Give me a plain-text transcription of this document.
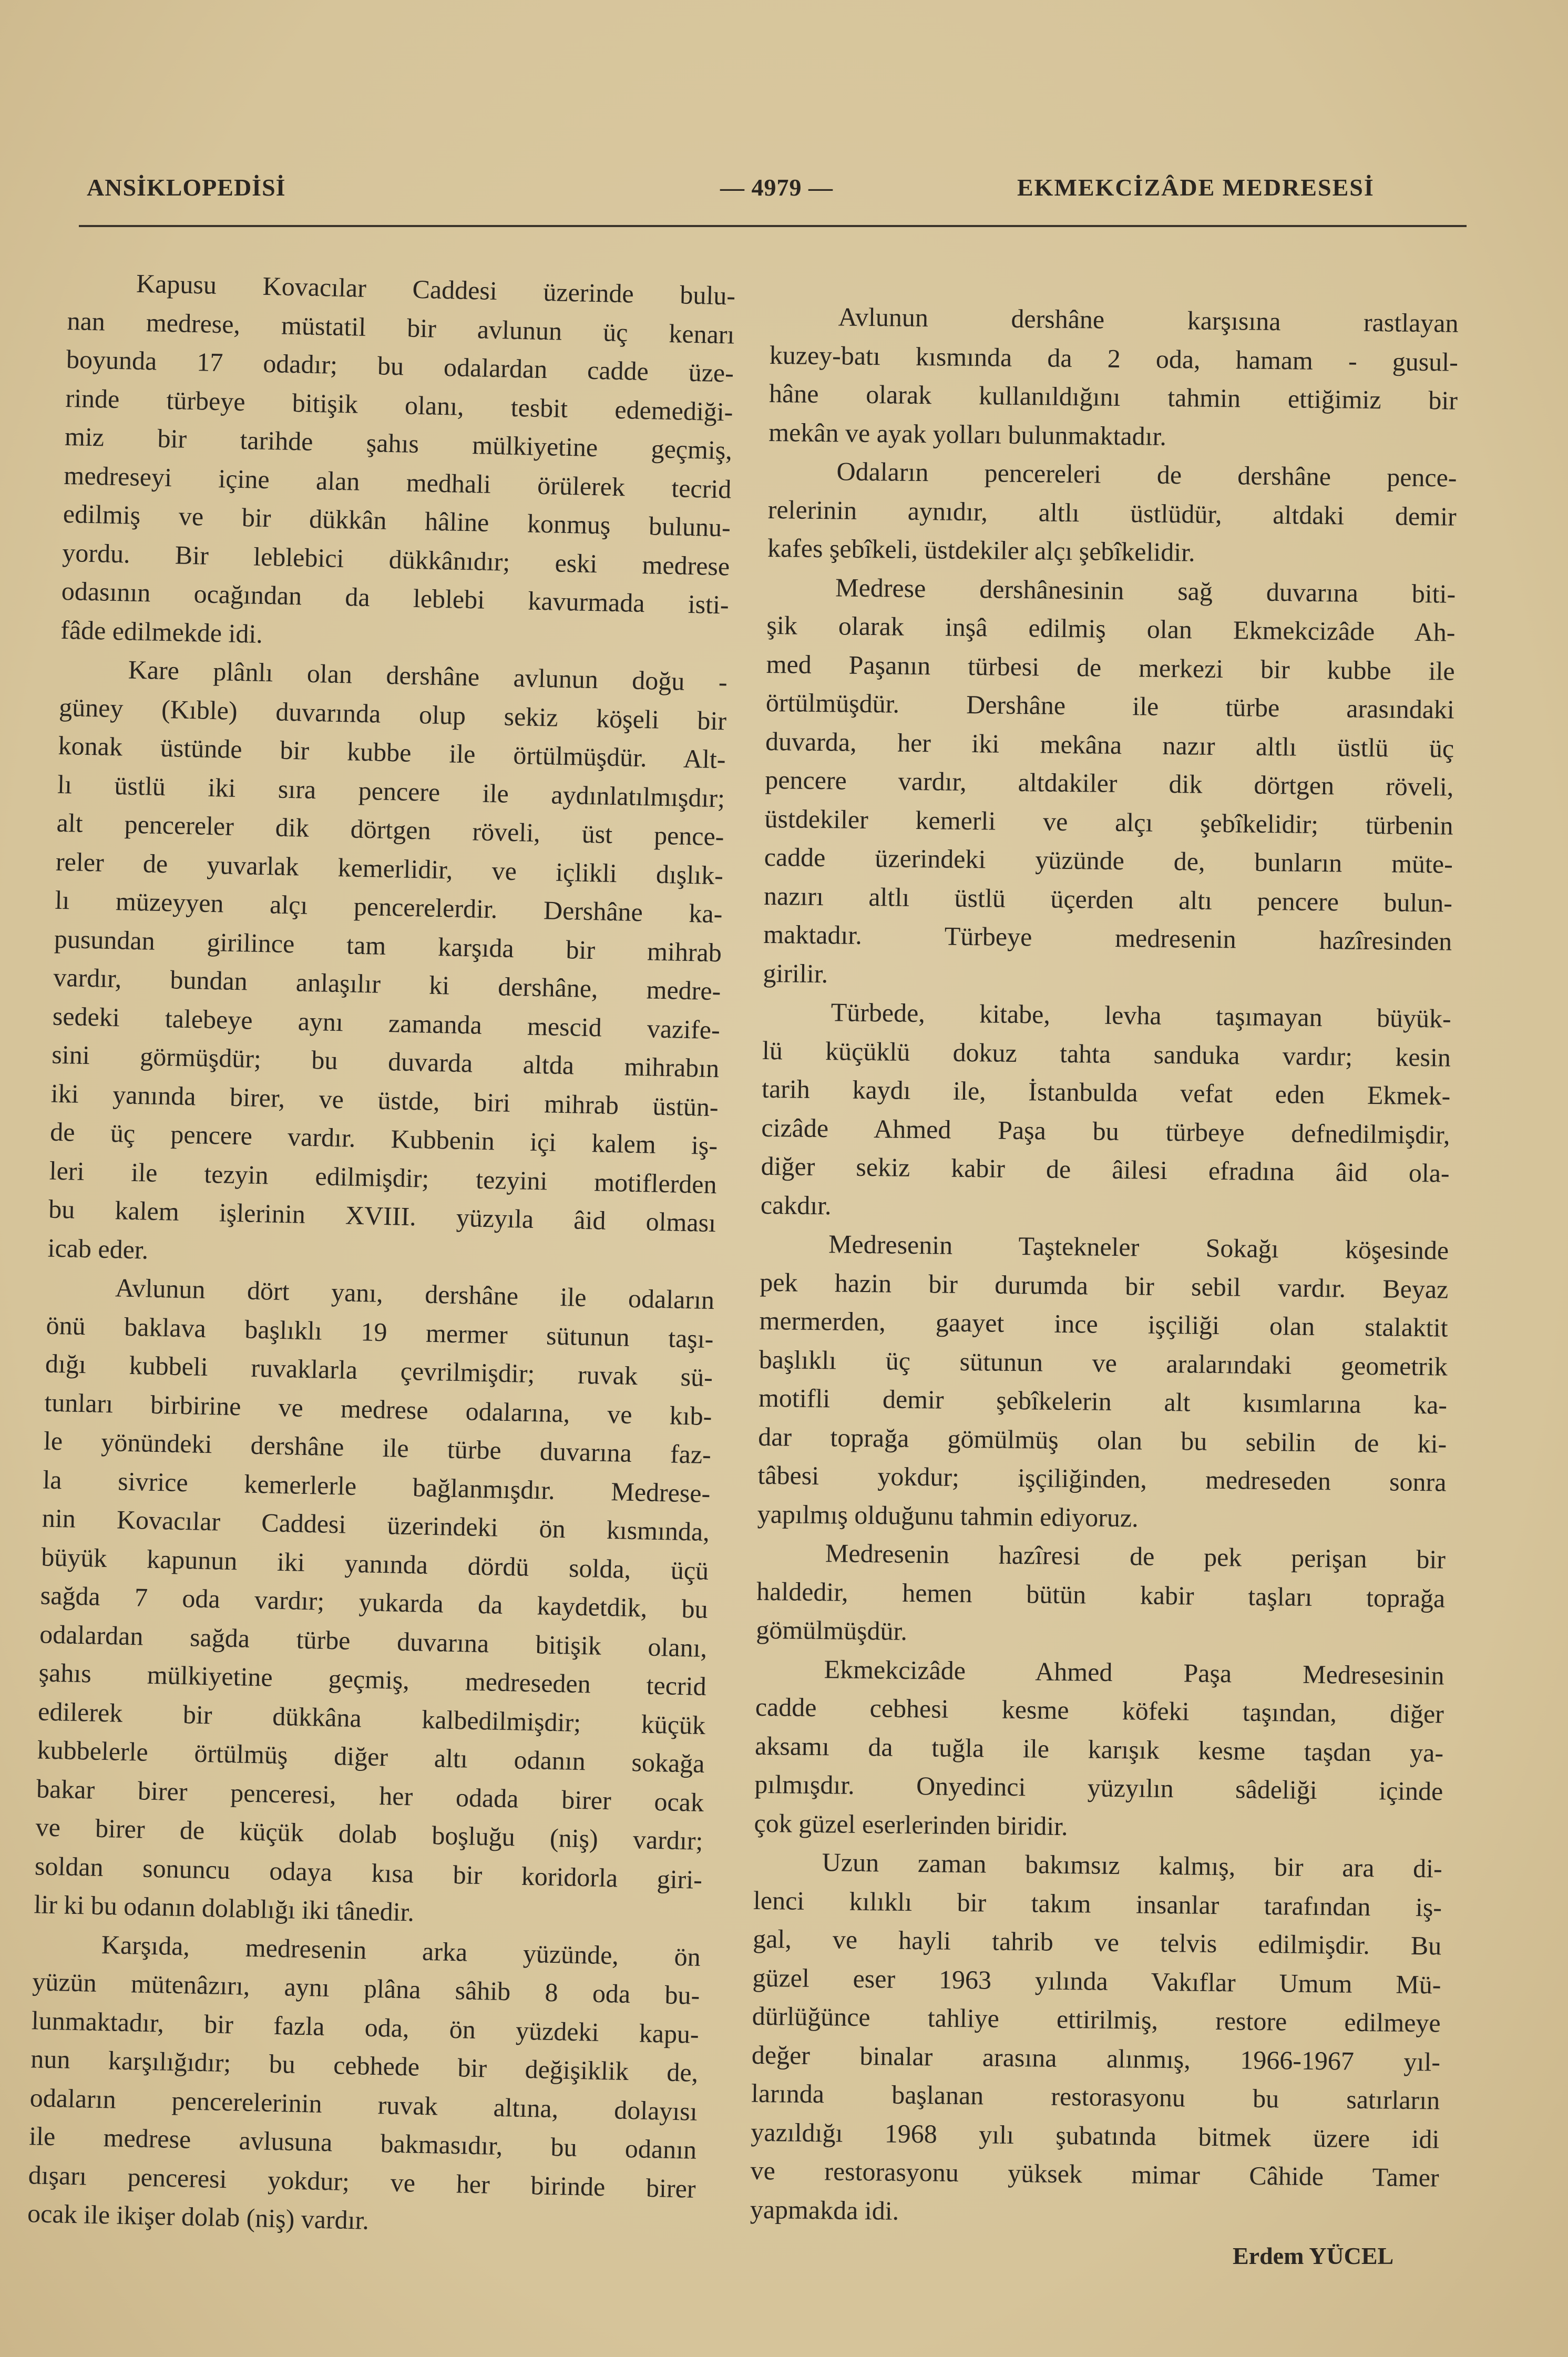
ANSİKLOPEDİSİ	— 4979 —	EKMEKCİZÂDE MEDRESESİ
Kapusu Kovacılar Caddesi üzerinde bulu-
nan medrese, müstatil bir avlunun üç kenarı
boyunda 17 odadır; bu odalardan cadde üze-
rinde türbeye bitişik olanı, tesbit edemediği-
miz bir tarihde şahıs mülkiyetine geçmiş,
medreseyi içine alan medhali örülerek tecrid
edilmiş ve bir dükkân hâline konmuş bulunu-
yordu. Bir leblebici dükkânıdır; eski medrese
odasının ocağından da leblebi kavurmada isti-
fâde edilmekde idi.
Kare plânlı olan dershâne avlunun doğu -
güney (Kıble) duvarında olup sekiz köşeli bir
konak üstünde bir kubbe ile örtülmüşdür. Alt-
lı üstlü iki sıra pencere ile aydınlatılmışdır;
alt pencereler dik dörtgen röveli, üst pence-
reler de yuvarlak kemerlidir, ve içlikli dışlık-
lı müzeyyen alçı pencerelerdir. Dershâne ka-
pusundan girilince tam karşıda bir mihrab
vardır, bundan anlaşılır ki dershâne, medre-
sedeki talebeye aynı zamanda mescid vazife-
sini görmüşdür; bu duvarda altda mihrabın
iki yanında birer, ve üstde, biri mihrab üstün-
de üç pencere vardır. Kubbenin içi kalem iş-
leri ile tezyin edilmişdir; tezyini motiflerden
bu kalem işlerinin XVIII. yüzyıla âid olması
icab eder.
Avlunun dört yanı, dershâne ile odaların
önü baklava başlıklı 19 mermer sütunun taşı-
dığı kubbeli ruvaklarla çevrilmişdir; ruvak sü-
tunları birbirine ve medrese odalarına, ve kıb-
le yönündeki dershâne ile türbe duvarına faz-
la sivrice kemerlerle bağlanmışdır. Medrese-
nin Kovacılar Caddesi üzerindeki ön kısmında,
büyük kapunun iki yanında dördü solda, üçü
sağda 7 oda vardır; yukarda da kaydetdik, bu
odalardan sağda türbe duvarına bitişik olanı,
şahıs mülkiyetine geçmiş, medreseden tecrid
edilerek bir dükkâna kalbedilmişdir; küçük
kubbelerle örtülmüş diğer altı odanın sokağa
bakar birer penceresi, her odada birer ocak
ve birer de küçük dolab boşluğu (niş) vardır;
soldan sonuncu odaya kısa bir koridorla giri-
lir ki bu odanın dolablığı iki tânedir.
Karşıda, medresenin arka yüzünde, ön
yüzün mütenâzırı, aynı plâna sâhib 8 oda bu-
lunmaktadır, bir fazla oda, ön yüzdeki kapu-
nun karşılığıdır; bu cebhede bir değişiklik de,
odaların pencerelerinin ruvak altına, dolayısı
ile medrese avlusuna bakmasıdır, bu odanın
dışarı penceresi yokdur; ve her birinde birer
ocak ile ikişer dolab (niş) vardır.
Avlunun dershâne karşısına rastlayan
kuzey-batı kısmında da 2 oda, hamam - gusul-
hâne olarak kullanıldığını tahmin ettiğimiz bir
mekân ve ayak yolları bulunmaktadır.
Odaların pencereleri de dershâne pence-
relerinin aynıdır, altlı üstlüdür, altdaki demir
kafes şebîkeli, üstdekiler alçı şebîkelidir.
Medrese dershânesinin sağ duvarına biti-
şik olarak inşâ edilmiş olan Ekmekcizâde Ah-
med Paşanın türbesi de merkezi bir kubbe ile
örtülmüşdür. Dershâne ile türbe arasındaki
duvarda, her iki mekâna nazır altlı üstlü üç
pencere vardır, altdakiler dik dörtgen röveli,
üstdekiler kemerli ve alçı şebîkelidir; türbenin
cadde üzerindeki yüzünde de, bunların müte-
nazırı altlı üstlü üçerden altı pencere bulun-
maktadır. Türbeye medresenin hazîresinden
girilir.
Türbede, kitabe, levha taşımayan büyük-
lü küçüklü dokuz tahta sanduka vardır; kesin
tarih kaydı ile, İstanbulda vefat eden Ekmek-
cizâde Ahmed Paşa bu türbeye defnedilmişdir,
diğer sekiz kabir de âilesi efradına âid ola-
cakdır.
Medresenin Taştekneler Sokağı köşesinde
pek hazin bir durumda bir sebil vardır. Beyaz
mermerden, gaayet ince işçiliği olan stalaktit
başlıklı üç sütunun ve aralarındaki geometrik
motifli demir şebîkelerin alt kısımlarına ka-
dar toprağa gömülmüş olan bu sebilin de ki-
tâbesi yokdur; işçiliğinden, medreseden sonra
yapılmış olduğunu tahmin ediyoruz.
Medresenin hazîresi de pek perişan bir
haldedir, hemen bütün kabir taşları toprağa
gömülmüşdür.
Ekmekcizâde Ahmed Paşa Medresesinin
cadde cebhesi kesme köfeki taşından, diğer
aksamı da tuğla ile karışık kesme taşdan ya-
pılmışdır. Onyedinci yüzyılın sâdeliği içinde
çok güzel eserlerinden biridir.
Uzun zaman bakımsız kalmış, bir ara di-
lenci kılıklı bir takım insanlar tarafından iş-
gal, ve hayli tahrib ve telvis edilmişdir. Bu
güzel eser 1963 yılında Vakıflar Umum Mü-
dürlüğünce tahliye ettirilmiş, restore edilmeye
değer binalar arasına alınmış, 1966-1967 yıl-
larında başlanan restorasyonu bu satırların
yazıldığı 1968 yılı şubatında bitmek üzere idi
ve restorasyonu yüksek mimar Câhide Tamer
yapmakda idi.
Erdem YÜCEL
